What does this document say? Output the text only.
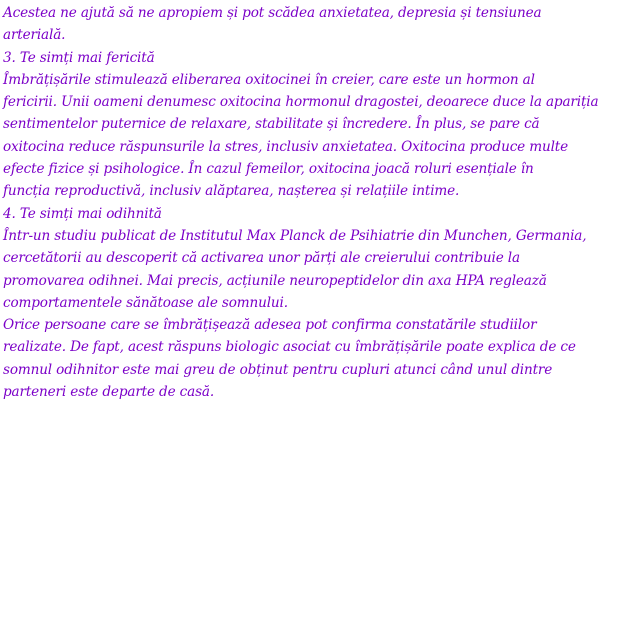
Acestea ne ajută să ne apropiem și pot scădea anxietatea, depresia și tensiunea
arterială.
3. Te simți mai fericită
Îmbrățișările stimulează eliberarea oxitocinei în creier, care este un hormon al
fericirii. Unii oameni denumesc oxitocina hormonul dragostei, deoarece duce la apariția
sentimentelor puternice de relaxare, stabilitate și încredere. În plus, se pare că
oxitocina reduce răspunsurile la stres, inclusiv anxietatea. Oxitocina produce multe
efecte fizice și psihologice. În cazul femeilor, oxitocina joacă roluri esențiale în
funcția reproductivă, inclusiv alăptarea, nașterea și relațiile intime.
4. Te simți mai odihnită
Într-un studiu publicat de Institutul Max Planck de Psihiatrie din Munchen, Germania,
cercetătorii au descoperit că activarea unor părți ale creierului contribuie la
promovarea odihnei. Mai precis, acțiunile neuropeptidelor din axa HPA reglează
comportamentele sănătoase ale somnului.
Orice persoane care se îmbrățișează adesea pot confirma constatările studiilor
realizate. De fapt, acest răspuns biologic asociat cu îmbrățișările poate explica de ce
somnul odihnitor este mai greu de obținut pentru cupluri atunci când unul dintre
parteneri este departe de casă.
